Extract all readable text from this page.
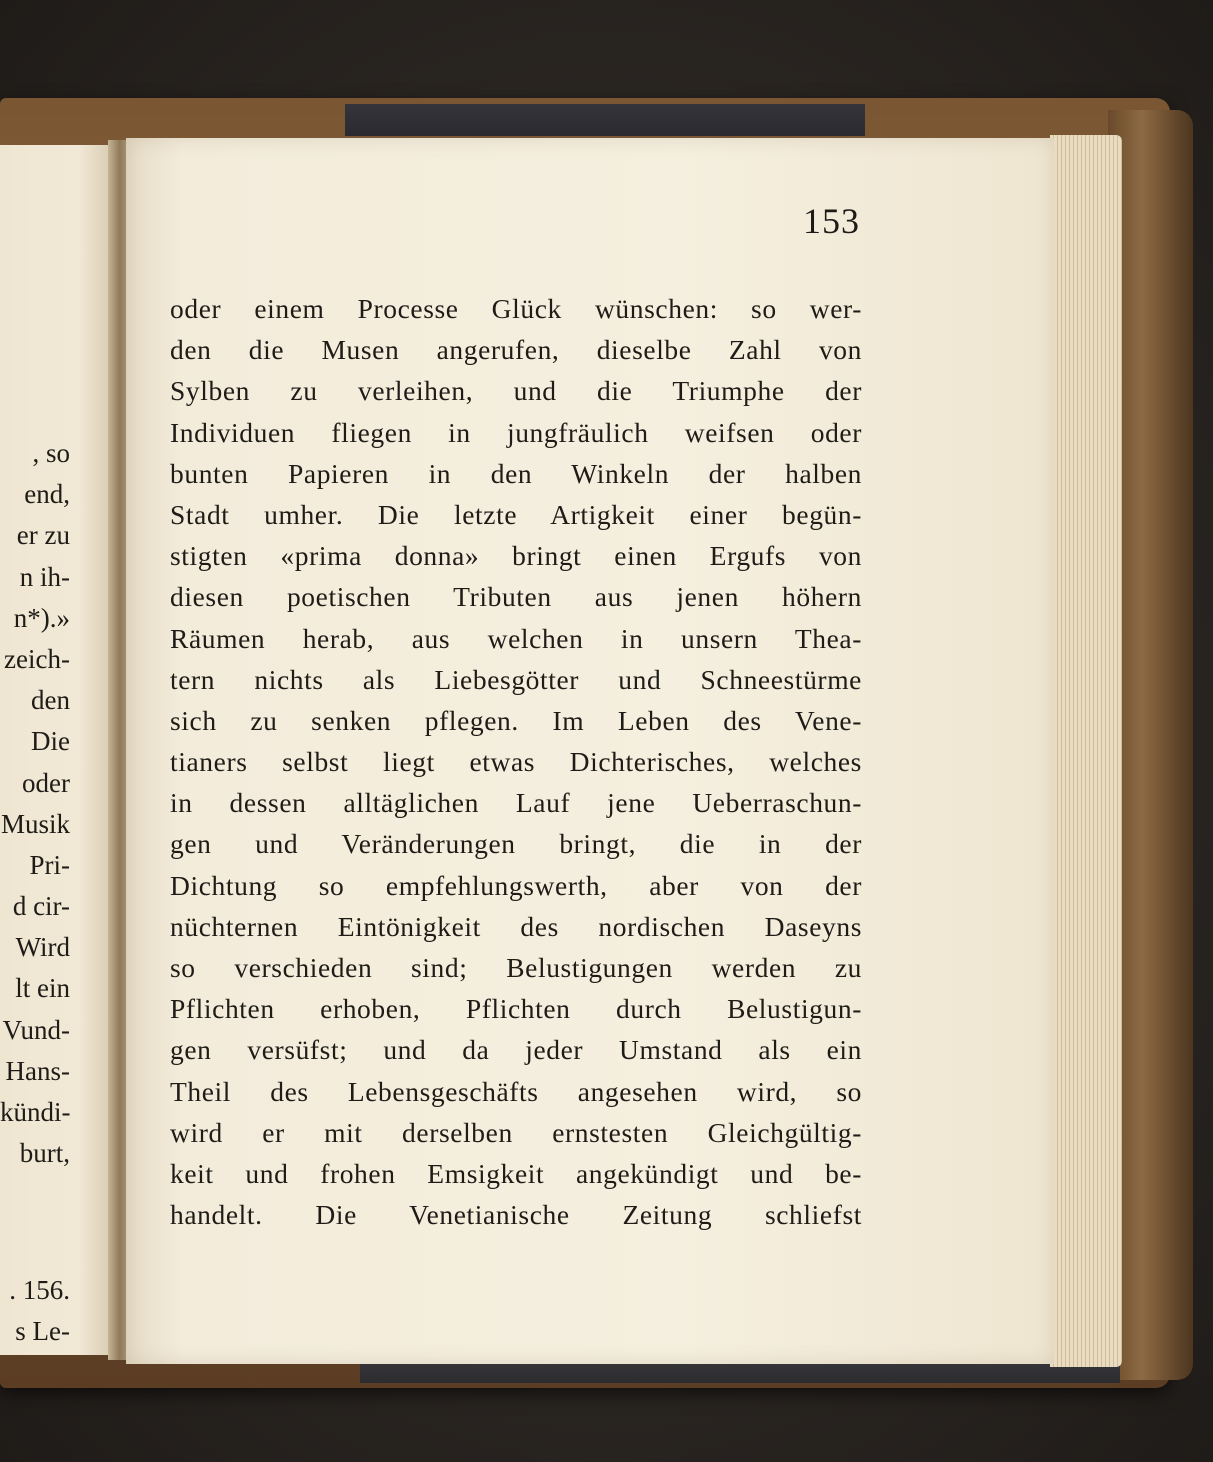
, so
end,
er zu
n ih-
n*).»
zeich-
den
Die
oder
Musik
Pri-
d cir-
Wird
lt ein
Vund-
Hans-
kündi-
burt,
. 156.
s Le-
153
oder einem Processe Glück wünschen: so wer-
den die Musen angerufen, dieselbe Zahl von
Sylben zu verleihen, und die Triumphe der
Individuen fliegen in jungfräulich weifsen oder
bunten Papieren in den Winkeln der halben
Stadt umher. Die letzte Artigkeit einer begün-
stigten «prima donna» bringt einen Ergufs von
diesen poetischen Tributen aus jenen höhern
Räumen herab, aus welchen in unsern Thea-
tern nichts als Liebesgötter und Schneestürme
sich zu senken pflegen. Im Leben des Vene-
tianers selbst liegt etwas Dichterisches, welches
in dessen alltäglichen Lauf jene Ueberraschun-
gen und Veränderungen bringt, die in der
Dichtung so empfehlungswerth, aber von der
nüchternen Eintönigkeit des nordischen Daseyns
so verschieden sind; Belustigungen werden zu
Pflichten erhoben, Pflichten durch Belustigun-
gen versüfst; und da jeder Umstand als ein
Theil des Lebensgeschäfts angesehen wird, so
wird er mit derselben ernstesten Gleichgültig-
keit und frohen Emsigkeit angekündigt und be-
handelt. Die Venetianische Zeitung schliefst
